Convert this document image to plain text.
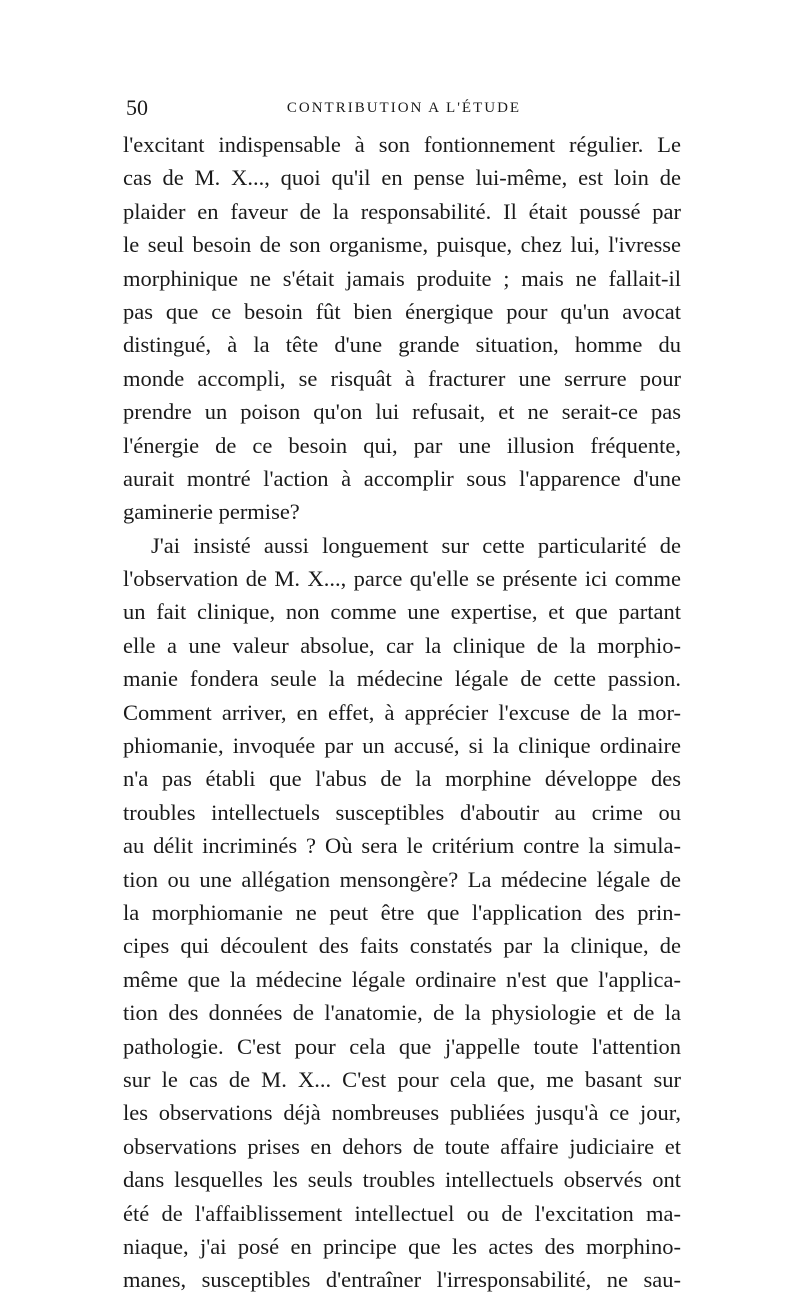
50	CONTRIBUTION A L'ÉTUDE
l'excitant indispensable à son fontionnement régulier. Le
cas de M. X..., quoi qu'il en pense lui-même, est loin de
plaider en faveur de la responsabilité. Il était poussé par
le seul besoin de son organisme, puisque, chez lui, l'ivresse
morphinique ne s'était jamais produite ; mais ne fallait-il
pas que ce besoin fût bien énergique pour qu'un avocat
distingué, à la tête d'une grande situation, homme du
monde accompli, se risquât à fracturer une serrure pour
prendre un poison qu'on lui refusait, et ne serait-ce pas
l'énergie de ce besoin qui, par une illusion fréquente,
aurait montré l'action à accomplir sous l'apparence d'une
gaminerie permise?
J'ai insisté aussi longuement sur cette particularité de
l'observation de M. X..., parce qu'elle se présente ici comme
un fait clinique, non comme une expertise, et que partant
elle a une valeur absolue, car la clinique de la morphio-
manie fondera seule la médecine légale de cette passion.
Comment arriver, en effet, à apprécier l'excuse de la mor-
phiomanie, invoquée par un accusé, si la clinique ordinaire
n'a pas établi que l'abus de la morphine développe des
troubles intellectuels susceptibles d'aboutir au crime ou
au délit incriminés ? Où sera le critérium contre la simula-
tion ou une allégation mensongère? La médecine légale de
la morphiomanie ne peut être que l'application des prin-
cipes qui découlent des faits constatés par la clinique, de
même que la médecine légale ordinaire n'est que l'applica-
tion des données de l'anatomie, de la physiologie et de la
pathologie. C'est pour cela que j'appelle toute l'attention
sur le cas de M. X... C'est pour cela que, me basant sur
les observations déjà nombreuses publiées jusqu'à ce jour,
observations prises en dehors de toute affaire judiciaire et
dans lesquelles les seuls troubles intellectuels observés ont
été de l'affaiblissement intellectuel ou de l'excitation ma-
niaque, j'ai posé en principe que les actes des morphino-
manes, susceptibles d'entraîner l'irresponsabilité, ne sau-
